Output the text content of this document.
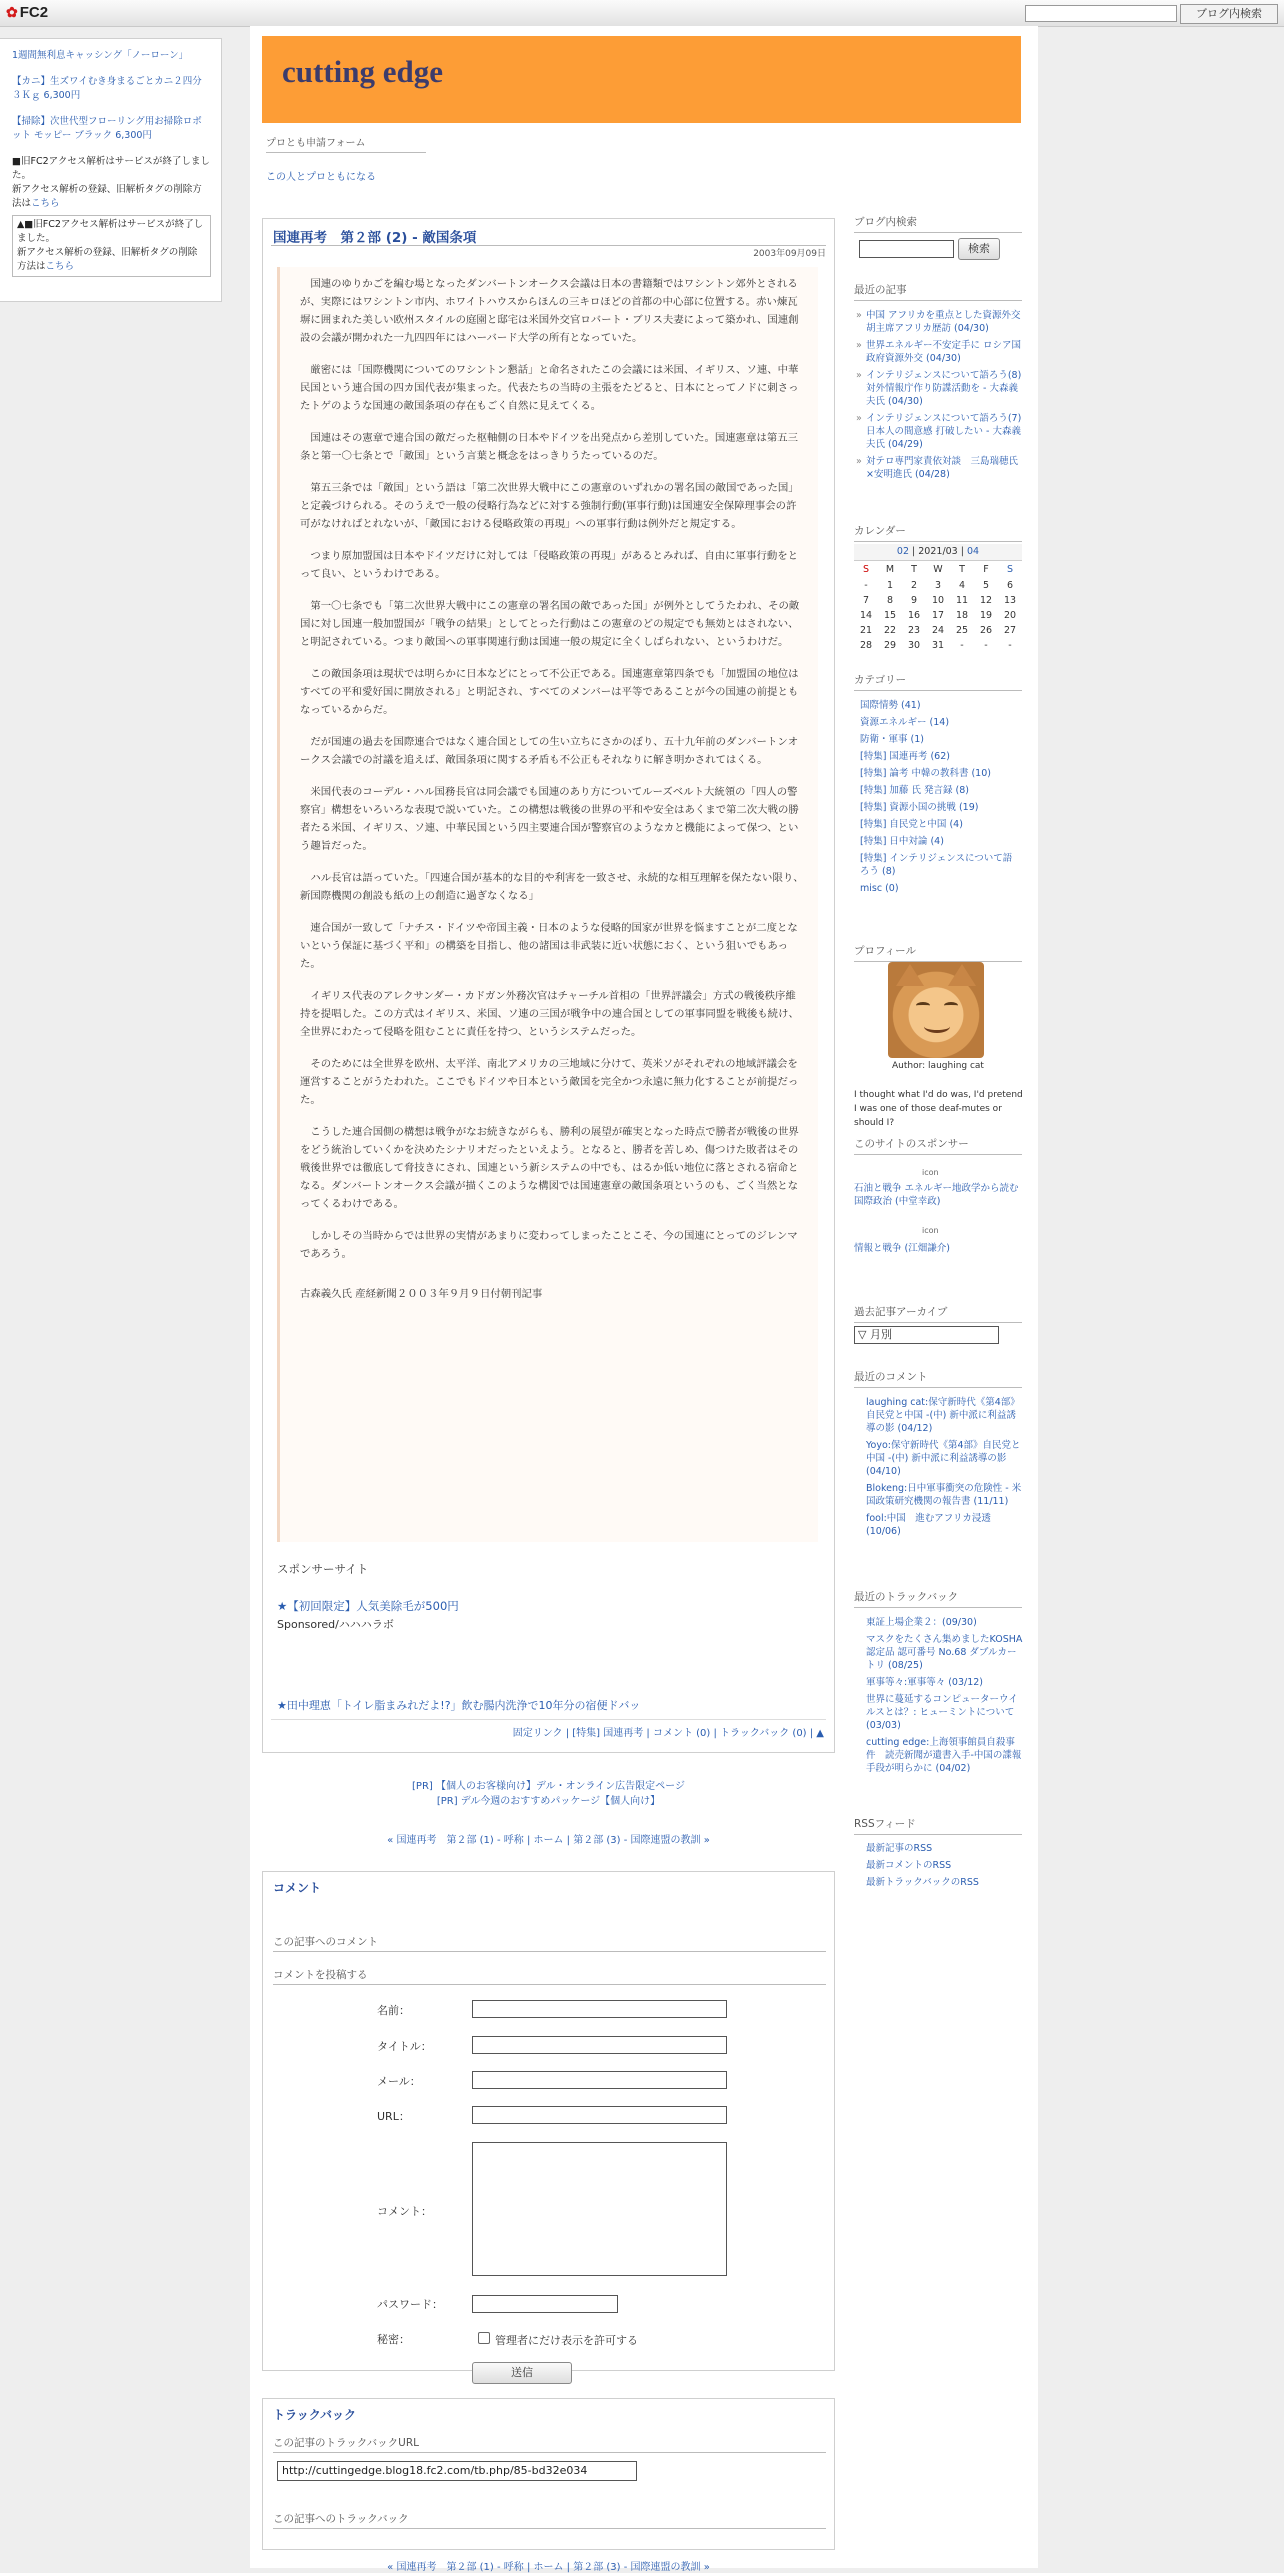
✿ FC2	ブログ内検索

1週間無利息キャッシング「ノーローン」

【カニ】生ズワイむき身まるごとカニ２四分３Ｋｇ 6,300円

【掃除】次世代型フローリング用お掃除ロボット モッピー ブラック 6,300円

■旧FC2アクセス解析はサービスが終了しました。
新アクセス解析の登録、旧解析タグの削除方法はこちら
▲■旧FC2アクセス解析はサービスが終了しました。
新アクセス解析の登録、旧解析タグの削除方法はこちら
cutting edge
プロとも申請フォーム
この人とプロともになる
国連再考　第２部 (2) - 敵国条項
2003年09月09日

国連のゆりかごを編む場となったダンバートンオークス会議は日本の書籍類ではワシントン郊外とされるが、実際にはワシントン市内、ホワイトハウスからほんの三キロほどの首都の中心部に位置する。赤い煉瓦塀に囲まれた美しい欧州スタイルの庭園と邸宅は米国外交官ロバート・ブリス夫妻によって築かれ、国連創設の会議が開かれた一九四四年にはハーバード大学の所有となっていた。

厳密には「国際機関についてのワシントン懇話」と命名されたこの会議には米国、イギリス、ソ連、中華民国という連合国の四カ国代表が集まった。代表たちの当時の主張をたどると、日本にとってノドに刺さったトゲのような国連の敵国条項の存在もごく自然に見えてくる。

国連はその憲章で連合国の敵だった枢軸側の日本やドイツを出発点から差別していた。国連憲章は第五三条と第一〇七条とで「敵国」という言葉と概念をはっきりうたっているのだ。

第五三条では「敵国」という語は「第二次世界大戦中にこの憲章のいずれかの署名国の敵国であった国」と定義づけられる。そのうえで一般の侵略行為などに対する強制行動(軍事行動)は国連安全保障理事会の許可がなければとれないが、「敵国における侵略政策の再現」への軍事行動は例外だと規定する。

つまり原加盟国は日本やドイツだけに対しては「侵略政策の再現」があるとみれば、自由に軍事行動をとって良い、というわけである。

第一〇七条でも「第二次世界大戦中にこの憲章の署名国の敵であった国」が例外としてうたわれ、その敵国に対し国連一般加盟国が「戦争の結果」としてとった行動はこの憲章のどの規定でも無効とはされない、と明記されている。つまり敵国への軍事関連行動は国連一般の規定に全くしばられない、というわけだ。

この敵国条項は現状では明らかに日本などにとって不公正である。国連憲章第四条でも「加盟国の地位はすべての平和愛好国に開放される」と明記され、すべてのメンバーは平等であることが今の国連の前提ともなっているからだ。

だが国連の過去を国際連合ではなく連合国としての生い立ちにさかのぼり、五十九年前のダンバートンオークス会議での討議を追えば、敵国条項に関する矛盾も不公正もそれなりに解き明かされてはくる。

米国代表のコーデル・ハル国務長官は同会議でも国連のあり方についてルーズベルト大統領の「四人の警察官」構想をいろいろな表現で説いていた。この構想は戦後の世界の平和や安全はあくまで第二次大戦の勝者たる米国、イギリス、ソ連、中華民国という四主要連合国が警察官のようなカと機能によって保つ、という趣旨だった。

ハル長官は語っていた。「四連合国が基本的な目的や利害を一致させ、永続的な相互理解を保たない限り、新国際機関の創設も紙の上の創造に過ぎなくなる」

連合国が一致して「ナチス・ドイツや帝国主義・日本のような侵略的国家が世界を悩ますことが二度とないという保証に基づく平和」の構築を目指し、他の諸国は非武装に近い状態におく、という狙いでもあった。

イギリス代表のアレクサンダー・カドガン外務次官はチャーチル首相の「世界評議会」方式の戦後秩序維持を提唱した。この方式はイギリス、米国、ソ連の三国が戦争中の連合国としての軍事同盟を戦後も続け、全世界にわたって侵略を阻むことに責任を持つ、というシステムだった。

そのためには全世界を欧州、太平洋、南北アメリカの三地域に分けて、英米ソがそれぞれの地域評議会を運営することがうたわれた。ここでもドイツや日本という敵国を完全かつ永遠に無力化することが前提だった。

こうした連合国側の構想は戦争がなお続きながらも、勝利の展望が確実となった時点で勝者が戦後の世界をどう統治していくかを決めたシナリオだったといえよう。となると、勝者を苦しめ、傷つけた敗者はその戦後世界では徹底して脅技きにされ、国連という新システムの中でも、はるか低い地位に落とされる宿命となる。ダンバートンオークス会議が描くこのような構図では国連憲章の敵国条項というのも、ごく当然となってくるわけである。

しかしその当時からでは世界の実情があまりに変わってしまったことこそ、今の国連にとってのジレンマであろう。

古森義久氏 産経新聞２００３年９月９日付朝刊記事

スポンサーサイト
★【初回限定】人気美除毛が500円
Sponsored/ハハハラボ
★田中理恵「トイレ脂まみれだよ!?」飲む腸内洗浄で10年分の宿便ドバッ
固定リンク | [特集] 国連再考 | コメント (0) | トラックバック (0) | ▲
[PR] 【個人のお客様向け】デル・オンライン広告限定ページ
[PR] デル今週のおすすめパッケージ【個人向け】
« 国連再考　第２部 (1) - 呼称 | ホーム | 第２部 (3) - 国際連盟の教訓 »
コメント
この記事へのコメント
コメントを投稿する
名前：
タイトル：
メール：
URL：
コメント：
パスワード：
秘密：	管理者にだけ表示を許可する
送信
トラックバック
この記事のトラックバックURL
http://cuttingedge.blog18.fc2.com/tb.php/85-bd32e034
この記事へのトラックバック
« 国連再考　第２部 (1) - 呼称 | ホーム | 第２部 (3) - 国際連盟の教訓 »
ブログ内検索
検索
最近の記事
» 中国 アフリカを重点とした資源外交 胡主席アフリカ歴訪 (04/30)
» 世界エネルギー不安定手に ロシア国政府資源外交 (04/30)
» インテリジェンスについて語ろう(8) 対外情報庁作り防諜活動を - 大森義夫氏 (04/30)
» インテリジェンスについて語ろう(7) 日本人の間意感 打破したい - 大森義夫氏 (04/29)
» 対テロ専門家責依対談　三島瑞穂氏×安明進氏 (04/28)
カレンダー
02 | 2021/03 | 04
S	M	T	W	T	F	S
-	1	2	3	4	5	6
7	8	9	10	11	12	13
14	15	16	17	18	19	20
21	22	23	24	25	26	27
28	29	30	31	-	-	-
カテゴリー
国際情勢 (41)
資源エネルギー (14)
防衛・軍事 (1)
[特集] 国連再考 (62)
[特集] 論考 中韓の教科書 (10)
[特集] 加藤 氏 発言録 (8)
[特集] 資源小国の挑戦 (19)
[特集] 自民党と中国 (4)
[特集] 日中対論 (4)
[特集] インテリジェンスについて語ろう (8)
misc (0)
プロフィール
Author: laughing cat
I thought what I'd do was, I'd pretend I was one of those deaf-mutes or should I?
このサイトのスポンサー
icon
石油と戦争 エネルギー地政学から読む国際政治 (中堂幸政)
icon
情報と戦争 (江畑謙介)
過去記事アーカイブ
▽ 月別
最近のコメント
laughing cat:保守新時代《第4部》自民党と中国 -(中) 新中派に利益誘導の影 (04/12)
Yoyo:保守新時代《第4部》自民党と中国 -(中) 新中派に利益誘導の影 (04/10)
Blokeng:日中軍事衝突の危険性 - 米国政策研究機関の報告書 (11/11)
fool:中国　進むアフリカ浸透 (10/06)
最近のトラックバック
東証上場企業２：(09/30)
マスクをたくさん集めましたKOSHA認定品 認可番号 No.68 ダブルカートリ (08/25)
軍事等々:軍事等々 (03/12)
世界に蔓延するコンピューターウイルスとは？: ヒューミントについて (03/03)
cutting edge:上海領事館員自殺事件　読売新聞が遺書入手-中国の諜報手段が明らかに (04/02)
RSSフィード
最新記事のRSS
最新コメントのRSS
最新トラックバックのRSS
